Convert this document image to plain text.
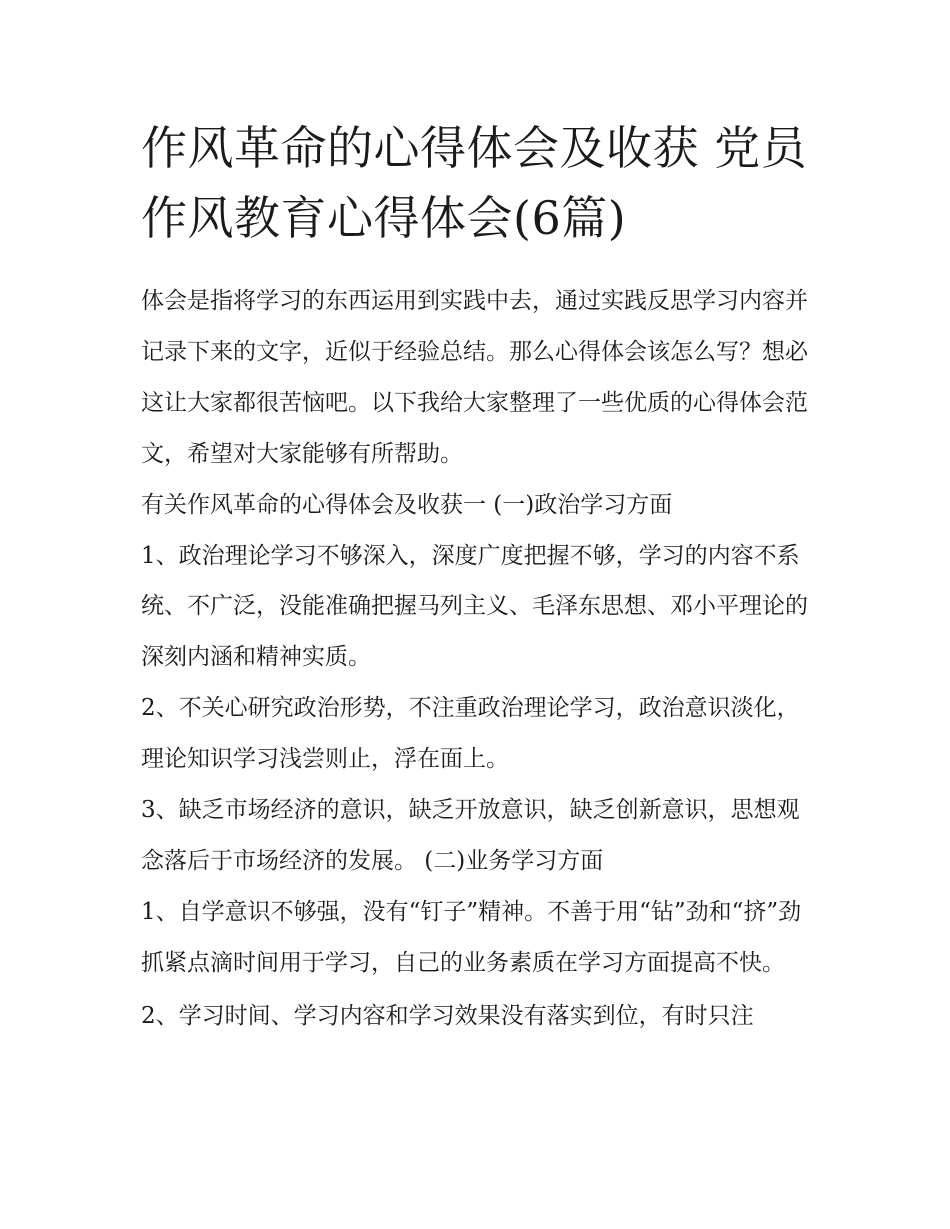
作风革命的心得体会及收获 党员作风教育心得体会(6篇)

体会是指将学习的东西运用到实践中去，通过实践反思学习内容并记录下来的文字，近似于经验总结。那么心得体会该怎么写？想必这让大家都很苦恼吧。以下我给大家整理了一些优质的心得体会范文，希望对大家能够有所帮助。

有关作风革命的心得体会及收获一 (一)政治学习方面

1、政治理论学习不够深入，深度广度把握不够，学习的内容不系统、不广泛，没能准确把握马列主义、毛泽东思想、邓小平理论的深刻内涵和精神实质。

2、不关心研究政治形势，不注重政治理论学习，政治意识淡化，理论知识学习浅尝则止，浮在面上。

3、缺乏市场经济的意识，缺乏开放意识，缺乏创新意识，思想观念落后于市场经济的发展。 (二)业务学习方面

1、自学意识不够强，没有“钉子”精神。不善于用“钻”劲和“挤”劲抓紧点滴时间用于学习，自己的业务素质在学习方面提高不快。

2、学习时间、学习内容和学习效果没有落实到位，有时只注
